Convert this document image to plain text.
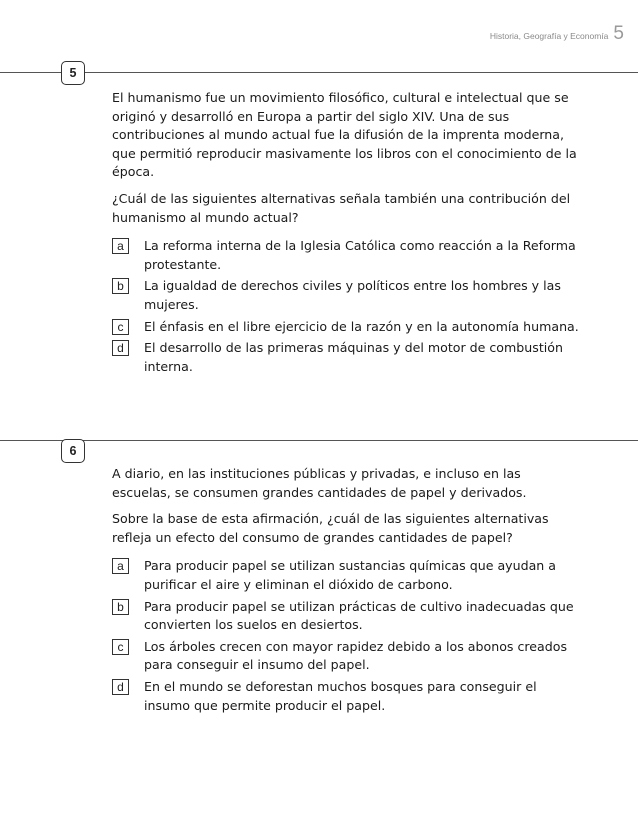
Historia, Geografía y Economía 5
5

El humanismo fue un movimiento filosófico, cultural e intelectual que se originó y desarrolló en Europa a partir del siglo XIV. Una de sus contribuciones al mundo actual fue la difusión de la imprenta moderna, que permitió reproducir masivamente los libros con el conocimiento de la época.

¿Cuál de las siguientes alternativas señala también una contribución del humanismo al mundo actual?

a	La reforma interna de la Iglesia Católica como reacción a la Reforma protestante.
b	La igualdad de derechos civiles y políticos entre los hombres y las mujeres.
c	El énfasis en el libre ejercicio de la razón y en la autonomía humana.
d	El desarrollo de las primeras máquinas y del motor de combustión interna.
6

A diario, en las instituciones públicas y privadas, e incluso en las escuelas, se consumen grandes cantidades de papel y derivados.

Sobre la base de esta afirmación, ¿cuál de las siguientes alternativas refleja un efecto del consumo de grandes cantidades de papel?

a	Para producir papel se utilizan sustancias químicas que ayudan a purificar el aire y eliminan el dióxido de carbono.
b	Para producir papel se utilizan prácticas de cultivo inadecuadas que convierten los suelos en desiertos.
c	Los árboles crecen con mayor rapidez debido a los abonos creados para conseguir el insumo del papel.
d	En el mundo se deforestan muchos bosques para conseguir el insumo que permite producir el papel.
